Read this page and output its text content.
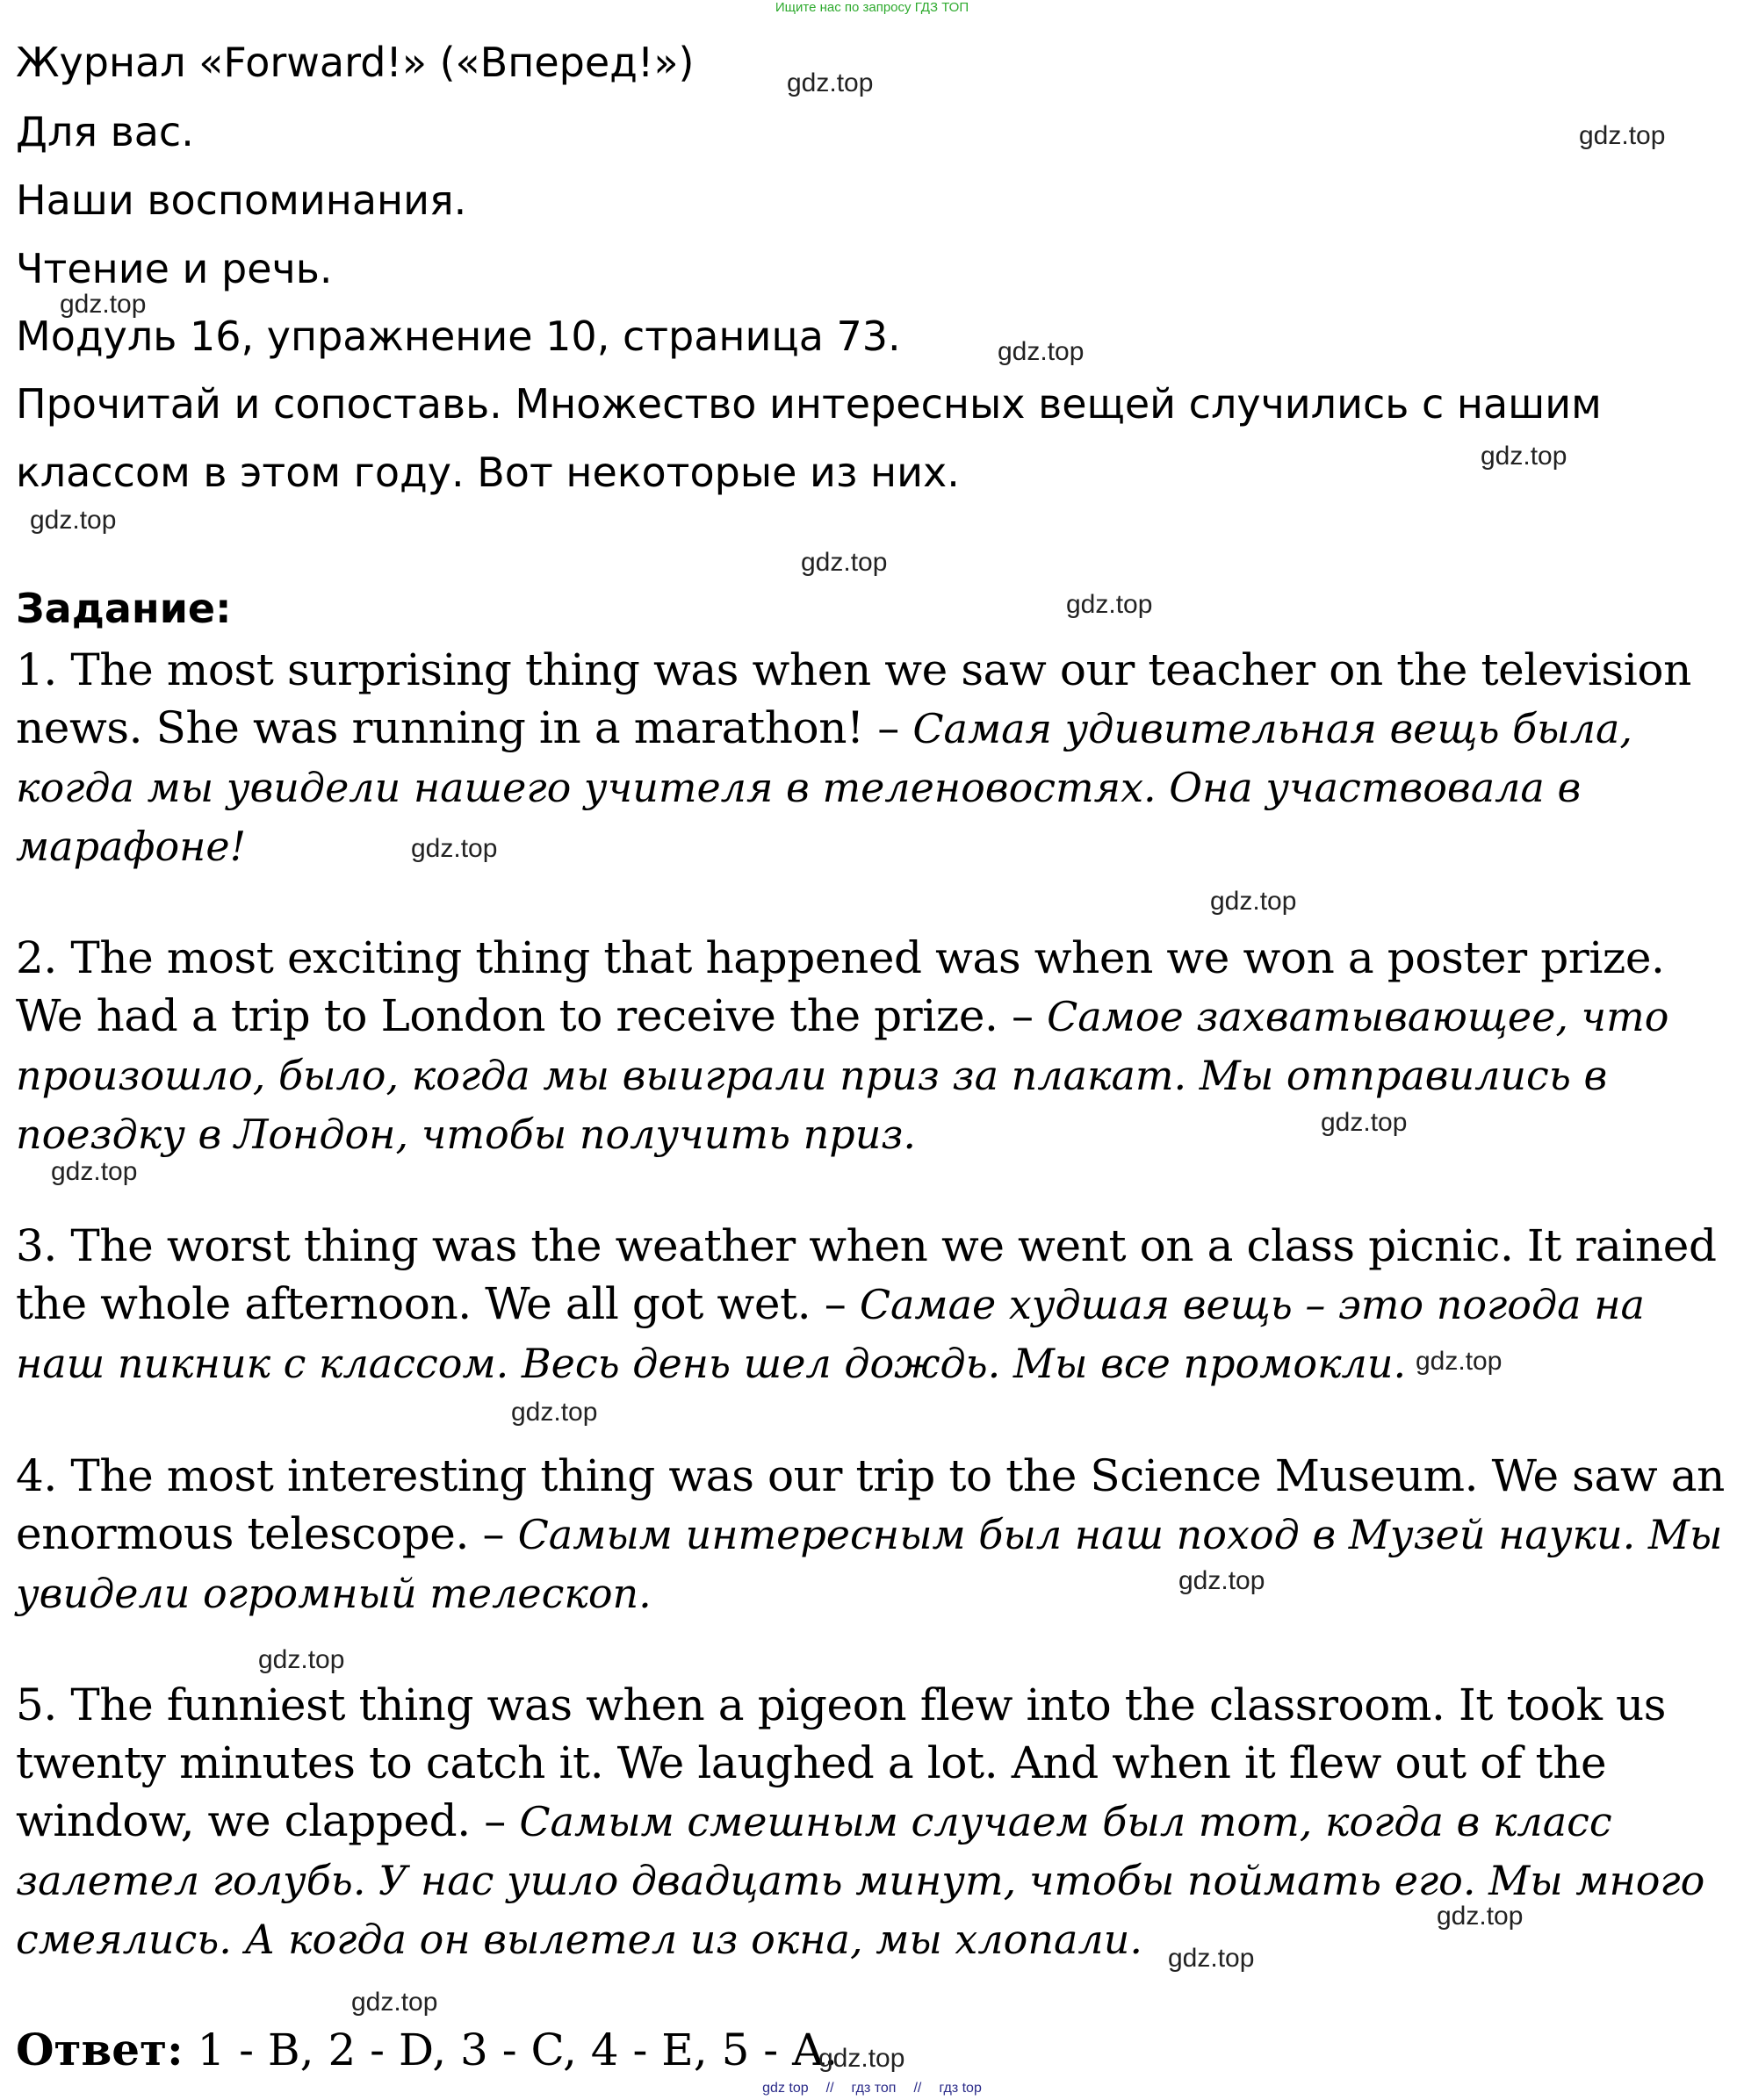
Ищите нас по запросу ГДЗ ТОП
Журнал «Forward!» («Вперед!»)
Для вас.
Наши воспоминания.
Чтение и речь.
Модуль 16, упражнение 10, страница 73.
Прочитай и сопоставь. Множество интересных вещей случились с нашим
классом в этом году. Вот некоторые из них.
Задание:

1. The most surprising thing was when we saw our teacher on the television news. She was running in a marathon! – Самая удивительная вещь была, когда мы увидели нашего учителя в теленовостях. Она участвовала в марафоне!

2. The most exciting thing that happened was when we won a poster prize. We had a trip to London to receive the prize. – Самое захватывающее, что произошло, было, когда мы выиграли приз за плакат. Мы отправились в поездку в Лондон, чтобы получить приз.

3. The worst thing was the weather when we went on a class picnic. It rained the whole afternoon. We all got wet. – Самае худшая вещь – это погода на наш пикник с классом. Весь день шел дождь. Мы все промокли.

4. The most interesting thing was our trip to the Science Museum. We saw an enormous telescope. – Самым интересным был наш поход в Музей науки. Мы увидели огромный телескоп.

5. The funniest thing was when a pigeon flew into the classroom. It took us twenty minutes to catch it. We laughed a lot. And when it flew out of the window, we clapped. – Самым смешным случаем был тот, когда в класс залетел голубь. У нас ушло двадцать минут, чтобы поймать его. Мы много смеялись. А когда он вылетел из окна, мы хлопали.

Ответ: 1 - B, 2 - D, 3 - C, 4 - E, 5 - A.
gdz.top
gdz.top
gdz.top
gdz.top
gdz.top
gdz.top
gdz.top
gdz.top
gdz.top
gdz.top
gdz.top
gdz.top
gdz.top
gdz.top
gdz.top
gdz.top
gdz.top
gdz.top
gdz.top
gdz.top
gdz top // гдз топ // гдз top
